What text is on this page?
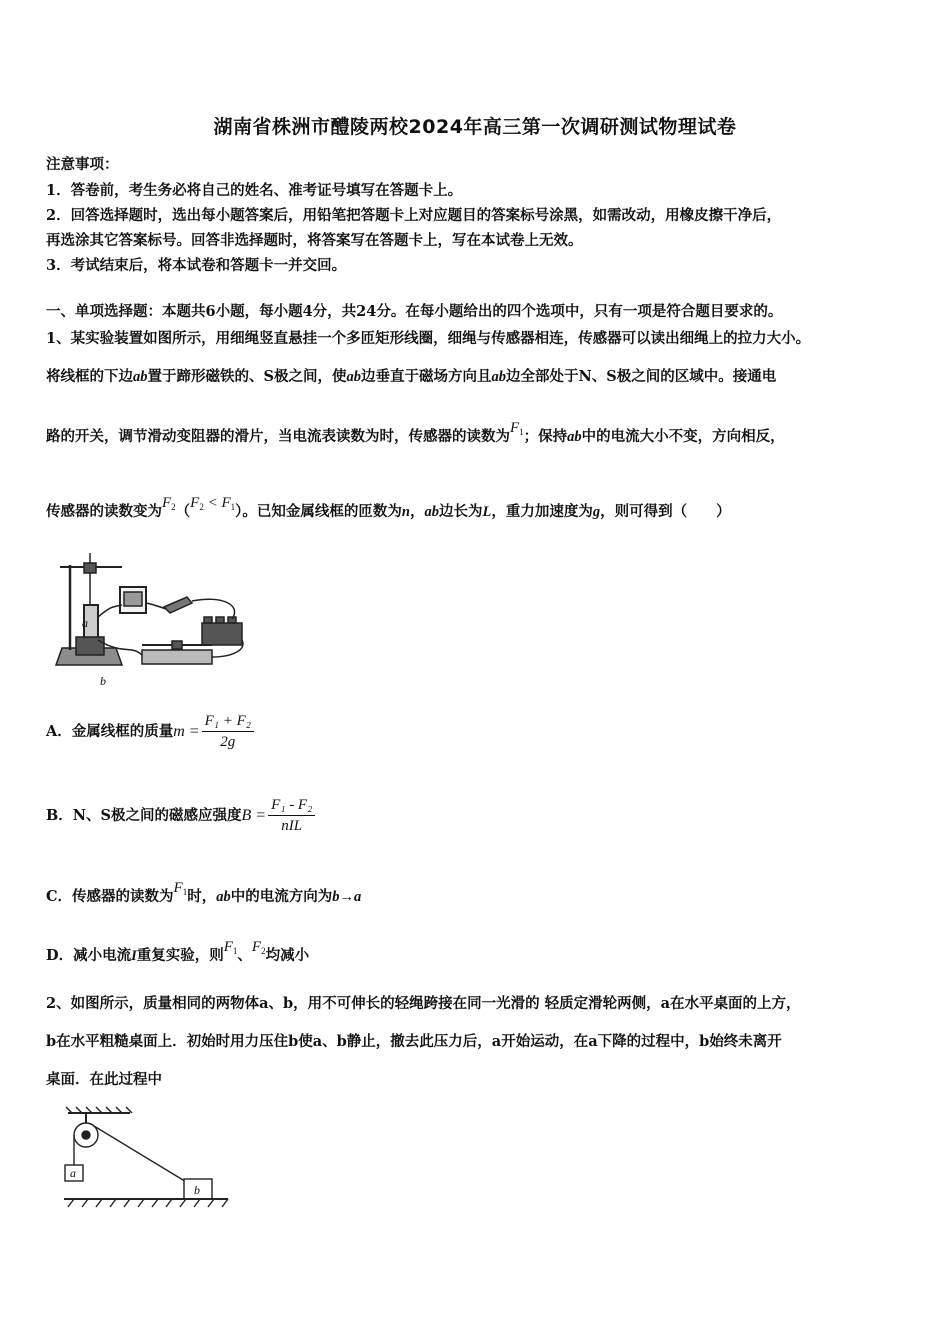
湖南省株洲市醴陵两校2024年高三第一次调研测试物理试卷
注意事项：
1．答卷前，考生务必将自己的姓名、准考证号填写在答题卡上。
2．回答选择题时，选出每小题答案后，用铅笔把答题卡上对应题目的答案标号涂黑，如需改动，用橡皮擦干净后，
再选涂其它答案标号。回答非选择题时，将答案写在答题卡上，写在本试卷上无效。
3．考试结束后，将本试卷和答题卡一并交回。
一、单项选择题：本题共6小题，每小题4分，共24分。在每小题给出的四个选项中，只有一项是符合题目要求的。
1、某实验装置如图所示，用细绳竖直悬挂一个多匝矩形线圈，细绳与传感器相连，传感器可以读出细绳上的拉力大小。
将线框的下边ab置于蹄形磁铁的、S极之间，使ab边垂直于磁场方向且ab边全部处于N、S极之间的区域中。接通电
路的开关，调节滑动变阻器的滑片，当电流表读数为时，传感器的读数为$F_1$；保持ab中的电流大小不变，方向相反，
传感器的读数变为$F_2(F_2 < F_1)$。已知金属线框的匝数为n，ab边长为L，重力加速度为g，则可得到（　　）
a
b
A．金属线框的质量$m = \frac{\text{F₁ + F₂}}{2g}$
B．N、S极之间的磁感应强度$B = \frac{\text{F₁ - F₂}}{\text{nIL}}$
C．传感器的读数为$F_1$时，ab中的电流方向为b→a
D．减小电流I重复实验，则$F_1$、$F_2$均减小
2、如图所示，质量相同的两物体a、b，用不可伸长的轻绳跨接在同一光滑的 轻质定滑轮两侧，a在水平桌面的上方，
b在水平粗糙桌面上．初始时用力压住b使a、b静止，撤去此压力后，a开始运动，在a下降的过程中，b始终未离开
桌面．在此过程中
a
b
